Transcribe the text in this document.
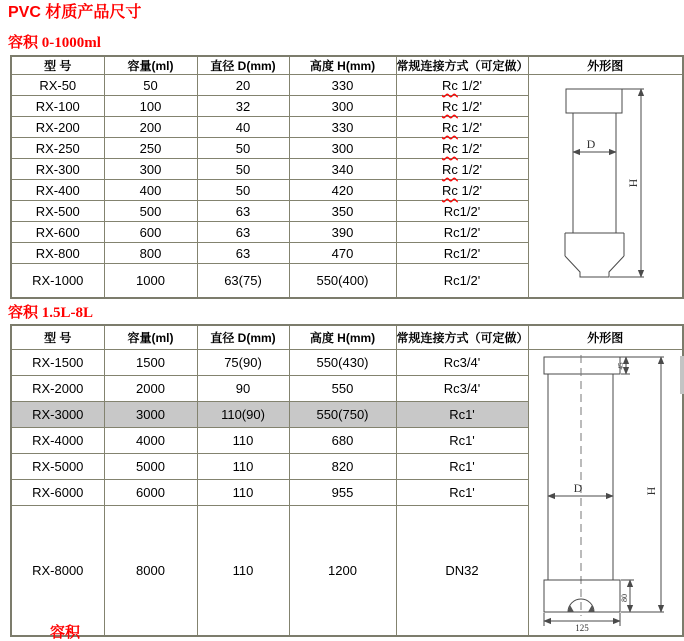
PVC 材质产品尺寸
容积 0-1000ml
型 号	容量(ml)	直径 D(mm)	高度 H(mm)	常规连接方式（可定做）	外形图
RX-50	50	20	330	Rc 1/2'	D
H

RX-100	100	32	300	Rc 1/2'	
RX-200	200	40	330	Rc 1/2'	
RX-250	250	50	300	Rc 1/2'	
RX-300	300	50	340	Rc 1/2'	
RX-400	400	50	420	Rc 1/2'	
RX-500	500	63	350	Rc1/2'	
RX-600	600	63	390	Rc1/2'	
RX-800	800	63	470	Rc1/2'	
RX-1000	1000	63(75)	550(400)	Rc1/2'	
容积 1.5L-8L
型 号	容量(ml)	直径 D(mm)	高度 H(mm)	常规连接方式（可定做）	外形图
RX-1500	1500	75(90)	550(430)	Rc3/4'	D H
80
125
45

RX-2000	2000	90	550	Rc3/4'	
RX-3000	3000	110(90)	550(750)	Rc1'	
RX-4000	4000	110	680	Rc1'	
RX-5000	5000	110	820	Rc1'	
RX-6000	6000	110	955	Rc1'	
RX-8000	8000	110	1200	DN32	
容积
